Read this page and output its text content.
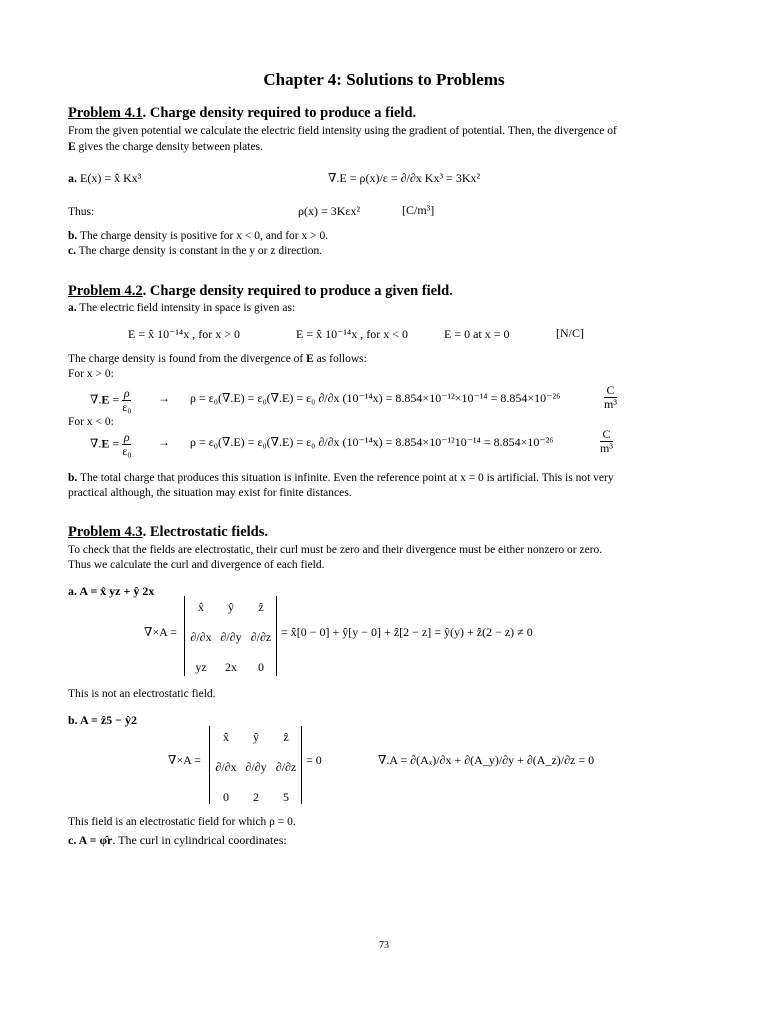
Chapter 4: Solutions to Problems
Problem 4.1. Charge density required to produce a field.
From the given potential we calculate the electric field intensity using the gradient of potential. Then, the divergence of
E gives the charge density between plates.
a. E(x) = x̂ Kx³	∇.E = ρ(x)/ε = ∂/∂x Kx³ = 3Kx²
Thus:	ρ(x) = 3Kεx²	[C/m³]
b. The charge density is positive for x < 0, and for x > 0.
c. The charge density is constant in the y or z direction.
Problem 4.2. Charge density required to produce a given field.
a. The electric field intensity in space is given as:
E = x̂ 10⁻¹⁴x , for x > 0	E = x̂ 10⁻¹⁴x , for x < 0	E = 0 at x = 0	[N/C]
The charge density is found from the divergence of E as follows:
For x > 0:
$\nabla.E = \frac{\rho}{\text{ε₀}} \to \rho = \varepsilon_0(\nabla.E) = \varepsilon_0(\nabla.E) = \varepsilon_0$ ∂/∂x (10⁻¹⁴x) = 8.854×10⁻¹²×10⁻¹⁴ = 8.854×10⁻²⁶	$\frac{C}{\text{m³}}$
For x < 0:
$\nabla.E = \frac{\rho}{\text{ε₀}} \to \rho = \varepsilon_0(\nabla.E) = \varepsilon_0(\nabla.E) = \varepsilon_0$ ∂/∂x (10⁻¹⁴x) = 8.854×10⁻¹²10⁻¹⁴ = 8.854×10⁻²⁶	$\frac{C}{\text{m³}}$
b. The total charge that produces this situation is infinite. Even the reference point at x = 0 is artificial. This is not very
practical although, the situation may exist for finite distances.
Problem 4.3. Electrostatic fields.
To check that the fields are electrostatic, their curl must be zero and their divergence must be either nonzero or zero.
Thus we calculate the curl and divergence of each field.
a. A = x̂ yz + ŷ 2x
∇×A =
x̂	ŷ	ẑ
∂/∂x ∂/∂y ∂/∂z
yz	2x	0
= x̂[0 − 0] + ŷ[y − 0] + ẑ[2 − z] = ŷ(y) + ẑ(2 − z) ≠ 0
This is not an electrostatic field.
b. A = ẑ5 − ŷ2
∇×A =
x̂	ŷ	ẑ
∂/∂x ∂/∂y ∂/∂z
0	2	5
= 0	∇.A = ∂(Aₓ)/∂x + ∂(A_y)/∂y + ∂(A_z)/∂z = 0
This field is an electrostatic field for which ρ = 0.
c. A = φ̂r. The curl in cylindrical coordinates:
73
